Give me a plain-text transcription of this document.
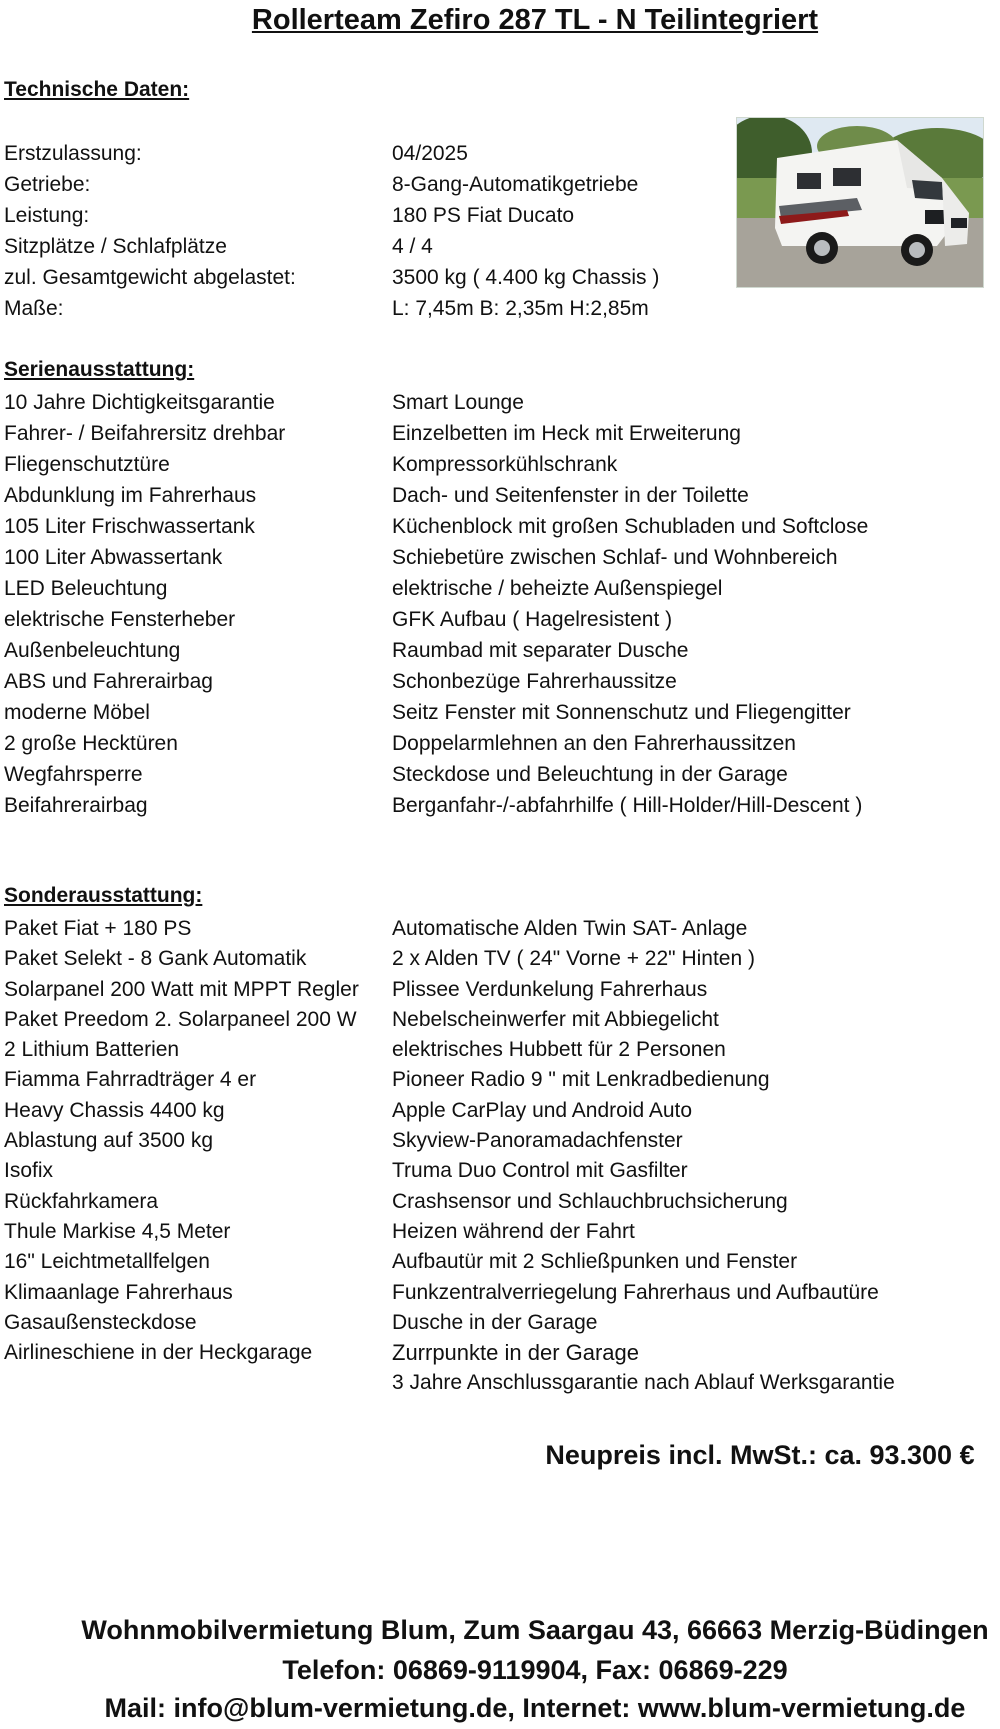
Rollerteam Zefiro 287 TL - N Teilintegriert
Technische Daten:
Erstzulassung:
Getriebe:
Leistung:
Sitzplätze / Schlafplätze
zul. Gesamtgewicht abgelastet:
Maße:
04/2025
8-Gang-Automatikgetriebe
180 PS Fiat Ducato
4 / 4
3500 kg ( 4.400 kg Chassis )
L: 7,45m B: 2,35m H:2,85m
Serienausstattung:
10 Jahre Dichtigkeitsgarantie
Fahrer- / Beifahrersitz drehbar
Fliegenschutztüre
Abdunklung im Fahrerhaus
105 Liter Frischwassertank
100 Liter Abwassertank
LED Beleuchtung
elektrische Fensterheber
Außenbeleuchtung
ABS und Fahrerairbag
moderne Möbel
2 große Hecktüren
Wegfahrsperre
Beifahrerairbag
Smart Lounge
Einzelbetten im Heck mit Erweiterung
Kompressorkühlschrank
Dach- und Seitenfenster in der Toilette
Küchenblock mit großen Schubladen und Softclose
Schiebetüre zwischen Schlaf- und Wohnbereich
elektrische / beheizte Außenspiegel
GFK Aufbau ( Hagelresistent )
Raumbad mit separater Dusche
Schonbezüge Fahrerhaussitze
Seitz Fenster mit Sonnenschutz und Fliegengitter
Doppelarmlehnen an den Fahrerhaussitzen
Steckdose und Beleuchtung in der Garage
Berganfahr-/-abfahrhilfe ( Hill-Holder/Hill-Descent )
Sonderausstattung:
Paket Fiat + 180 PS
Paket Selekt - 8 Gank Automatik
Solarpanel 200 Watt mit MPPT Regler
Paket Preedom 2. Solarpaneel 200 W
2 Lithium Batterien
Fiamma Fahrradträger 4 er
Heavy Chassis 4400 kg
Ablastung auf 3500 kg
Isofix
Rückfahrkamera
Thule Markise 4,5 Meter
16" Leichtmetallfelgen
Klimaanlage Fahrerhaus
Gasaußensteckdose
Airlineschiene in der Heckgarage
Automatische Alden Twin SAT- Anlage
2 x Alden TV ( 24" Vorne + 22" Hinten )
Plissee Verdunkelung Fahrerhaus
Nebelscheinwerfer mit Abbiegelicht
elektrisches Hubbett für 2 Personen
Pioneer Radio 9 " mit Lenkradbedienung
Apple CarPlay und Android Auto
Skyview-Panoramadachfenster
Truma Duo Control mit Gasfilter
Crashsensor und Schlauchbruchsicherung
Heizen während der Fahrt
Aufbautür mit 2 Schließpunken und Fenster
Funkzentralverriegelung Fahrerhaus und Aufbautüre
Dusche in der Garage
Zurrpunkte in der Garage
3 Jahre Anschlussgarantie nach Ablauf Werksgarantie
Neupreis incl. MwSt.: ca. 93.300 €
Wohnmobilvermietung Blum, Zum Saargau 43, 66663 Merzig-Büdingen
Telefon: 06869-9119904, Fax: 06869-229
Mail: info@blum-vermietung.de, Internet: www.blum-vermietung.de
